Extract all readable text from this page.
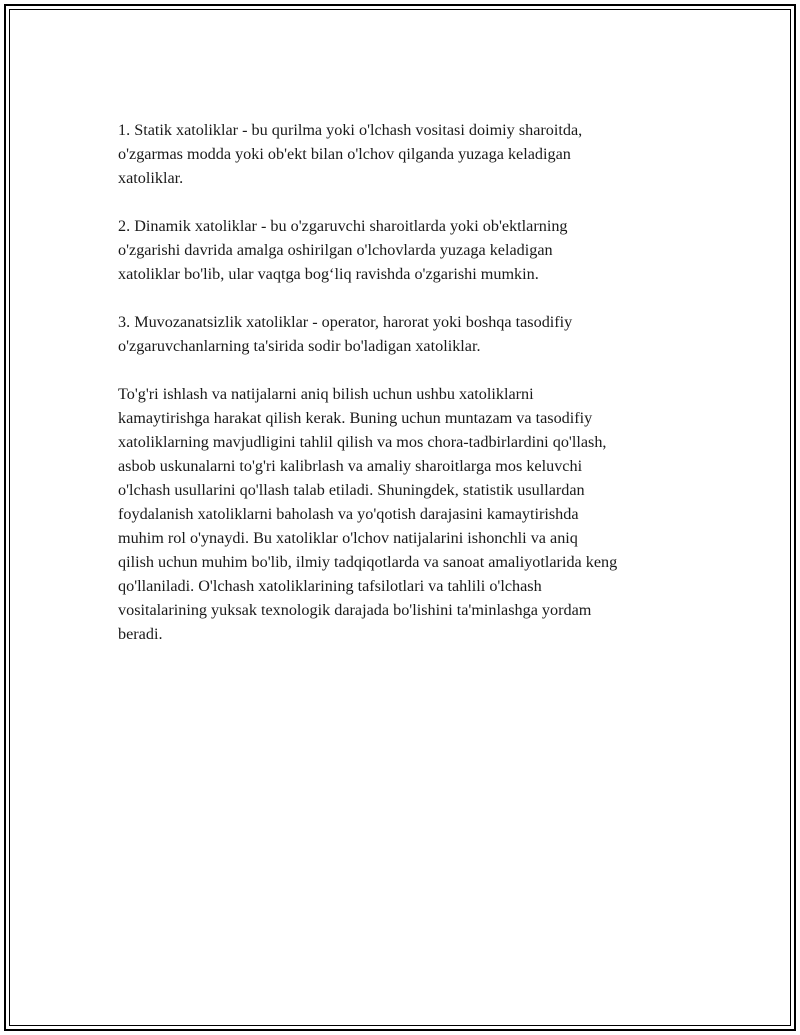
1. Statik xatoliklar - bu qurilma yoki o'lchash vositasi doimiy sharoitda,
o'zgarmas modda yoki ob'ekt bilan o'lchov qilganda yuzaga keladigan
xatoliklar.

2. Dinamik xatoliklar - bu o'zgaruvchi sharoitlarda yoki ob'ektlarning
o'zgarishi davrida amalga oshirilgan o'lchovlarda yuzaga keladigan
xatoliklar bo'lib, ular vaqtga bog‘liq ravishda o'zgarishi mumkin.

3. Muvozanatsizlik xatoliklar - operator, harorat yoki boshqa tasodifiy
o'zgaruvchanlarning ta'sirida sodir bo'ladigan xatoliklar.

To'g'ri ishlash va natijalarni aniq bilish uchun ushbu xatoliklarni
kamaytirishga harakat qilish kerak. Buning uchun muntazam va tasodifiy
xatoliklarning mavjudligini tahlil qilish va mos chora-tadbirlardini qo'llash,
asbob uskunalarni to'g'ri kalibrlash va amaliy sharoitlarga mos keluvchi
o'lchash usullarini qo'llash talab etiladi. Shuningdek, statistik usullardan
foydalanish xatoliklarni baholash va yo'qotish darajasini kamaytirishda
muhim rol o'ynaydi. Bu xatoliklar o'lchov natijalarini ishonchli va aniq
qilish uchun muhim bo'lib, ilmiy tadqiqotlarda va sanoat amaliyotlarida keng
qo'llaniladi. O'lchash xatoliklarining tafsilotlari va tahlili o'lchash
vositalarining yuksak texnologik darajada bo'lishini ta'minlashga yordam
beradi.
